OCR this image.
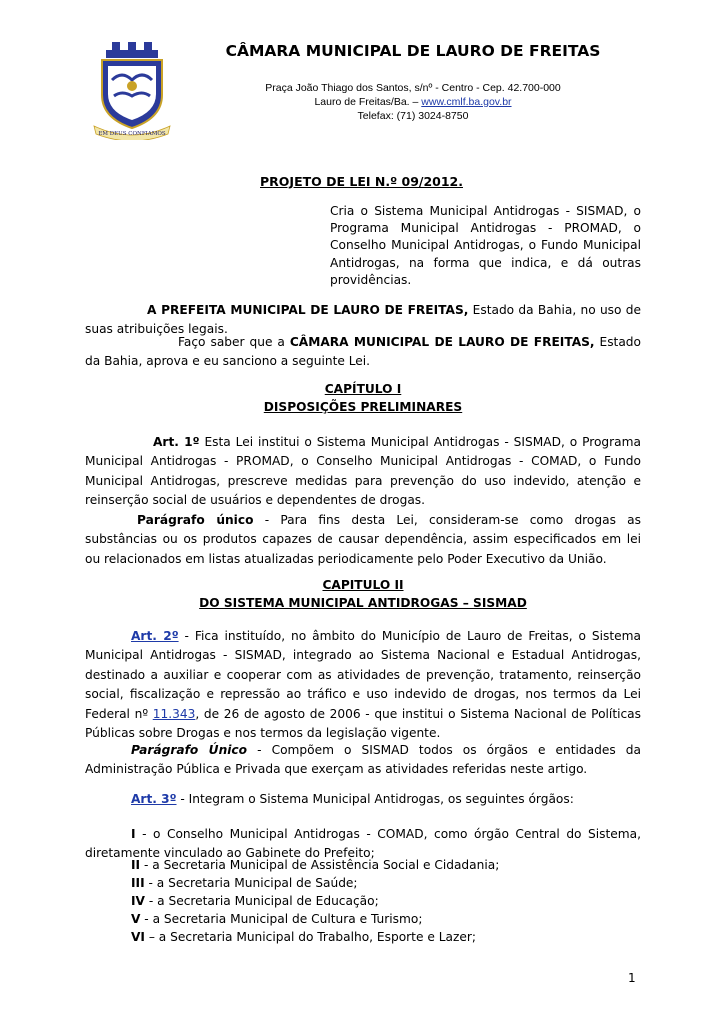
EM DEUS CONFIAMOS
CÂMARA MUNICIPAL DE LAURO DE FREITAS
Praça João Thiago dos Santos, s/nº - Centro - Cep. 42.700-000
Lauro de Freitas/Ba. – www.cmlf.ba.gov.br
Telefax: (71) 3024-8750
PROJETO DE LEI N.º 09/2012.
Cria o Sistema Municipal Antidrogas - SISMAD, o Programa Municipal Antidrogas - PROMAD, o Conselho Municipal Antidrogas, o Fundo Municipal Antidrogas, na forma que indica, e dá outras providências.
A PREFEITA MUNICIPAL DE LAURO DE FREITAS, Estado da Bahia, no uso de suas atribuições legais.
Faço saber que a CÂMARA MUNICIPAL DE LAURO DE FREITAS, Estado da Bahia, aprova e eu sanciono a seguinte Lei.
CAPÍTULO I
DISPOSIÇÕES PRELIMINARES
Art. 1º Esta Lei institui o Sistema Municipal Antidrogas - SISMAD, o Programa Municipal Antidrogas - PROMAD, o Conselho Municipal Antidrogas - COMAD, o Fundo Municipal Antidrogas, prescreve medidas para prevenção do uso indevido, atenção e reinserção social de usuários e dependentes de drogas.
Parágrafo único - Para fins desta Lei, consideram-se como drogas as substâncias ou os produtos capazes de causar dependência, assim especificados em lei ou relacionados em listas atualizadas periodicamente pelo Poder Executivo da União.
CAPITULO II
DO SISTEMA MUNICIPAL ANTIDROGAS – SISMAD
Art. 2º - Fica instituído, no âmbito do Município de Lauro de Freitas, o Sistema Municipal Antidrogas - SISMAD, integrado ao Sistema Nacional e Estadual Antidrogas, destinado a auxiliar e cooperar com as atividades de prevenção, tratamento, reinserção social, fiscalização e repressão ao tráfico e uso indevido de drogas, nos termos da Lei Federal nº 11.343, de 26 de agosto de 2006 - que institui o Sistema Nacional de Políticas Públicas sobre Drogas e nos termos da legislação vigente.
Parágrafo Único - Compõem o SISMAD todos os órgãos e entidades da Administração Pública e Privada que exerçam as atividades referidas neste artigo.
Art. 3º - Integram o Sistema Municipal Antidrogas, os seguintes órgãos:
I - o Conselho Municipal Antidrogas - COMAD, como órgão Central do Sistema, diretamente vinculado ao Gabinete do Prefeito;
II - a Secretaria Municipal de Assistência Social e Cidadania;
III - a Secretaria Municipal de Saúde;
IV - a Secretaria Municipal de Educação;
V - a Secretaria Municipal de Cultura e Turismo;
VI – a Secretaria Municipal do Trabalho, Esporte e Lazer;
1
